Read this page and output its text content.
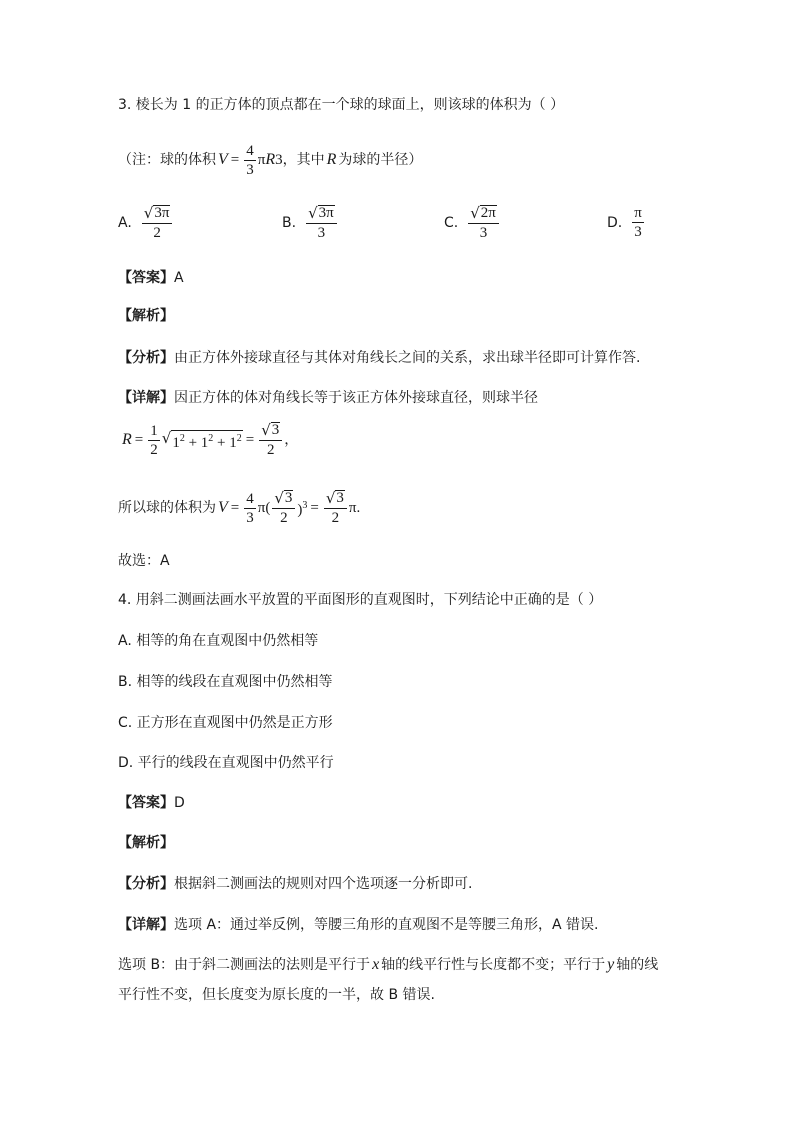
3. 棱长为 1 的正方体的顶点都在一个球的球面上，则该球的体积为（ ）
（注：球的体积 $V = \frac{4}{3}$ π R 3 ，其中 R 为球的半径）
A. $\frac{√ 3\pi}{2}$	B. $\frac{√ 3\pi}{3}$	C. $\frac{√ 2\pi}{3}$	D. $\frac{\pi}{3}$
【答案】A
【解析】
【分析】由正方体外接球直径与其体对角线长之间的关系，求出球半径即可计算作答.
【详解】因正方体的体对角线长等于该正方体外接球直径，则球半径
$R = \frac{1}{2}$ √ $1^2 + 1^2 + 1^2 = \frac{√ 3}{2}$ ，
所以球的体积为 $V = \frac{4}{3} \pi( \frac{√ 3}{2} )^3 = \frac{√ 3}{2} \pi$.
故选：A
4. 用斜二测画法画水平放置的平面图形的直观图时，下列结论中正确的是（ ）
A. 相等的角在直观图中仍然相等
B. 相等的线段在直观图中仍然相等
C. 正方形在直观图中仍然是正方形
D. 平行的线段在直观图中仍然平行
【答案】D
【解析】
【分析】根据斜二测画法的规则对四个选项逐一分析即可.
【详解】选项 A：通过举反例，等腰三角形的直观图不是等腰三角形，A 错误.
选项 B：由于斜二测画法的法则是平行于 x 轴的线平行性与长度都不变；平行于 y 轴的线
平行性不变，但长度变为原长度的一半，故 B 错误.
